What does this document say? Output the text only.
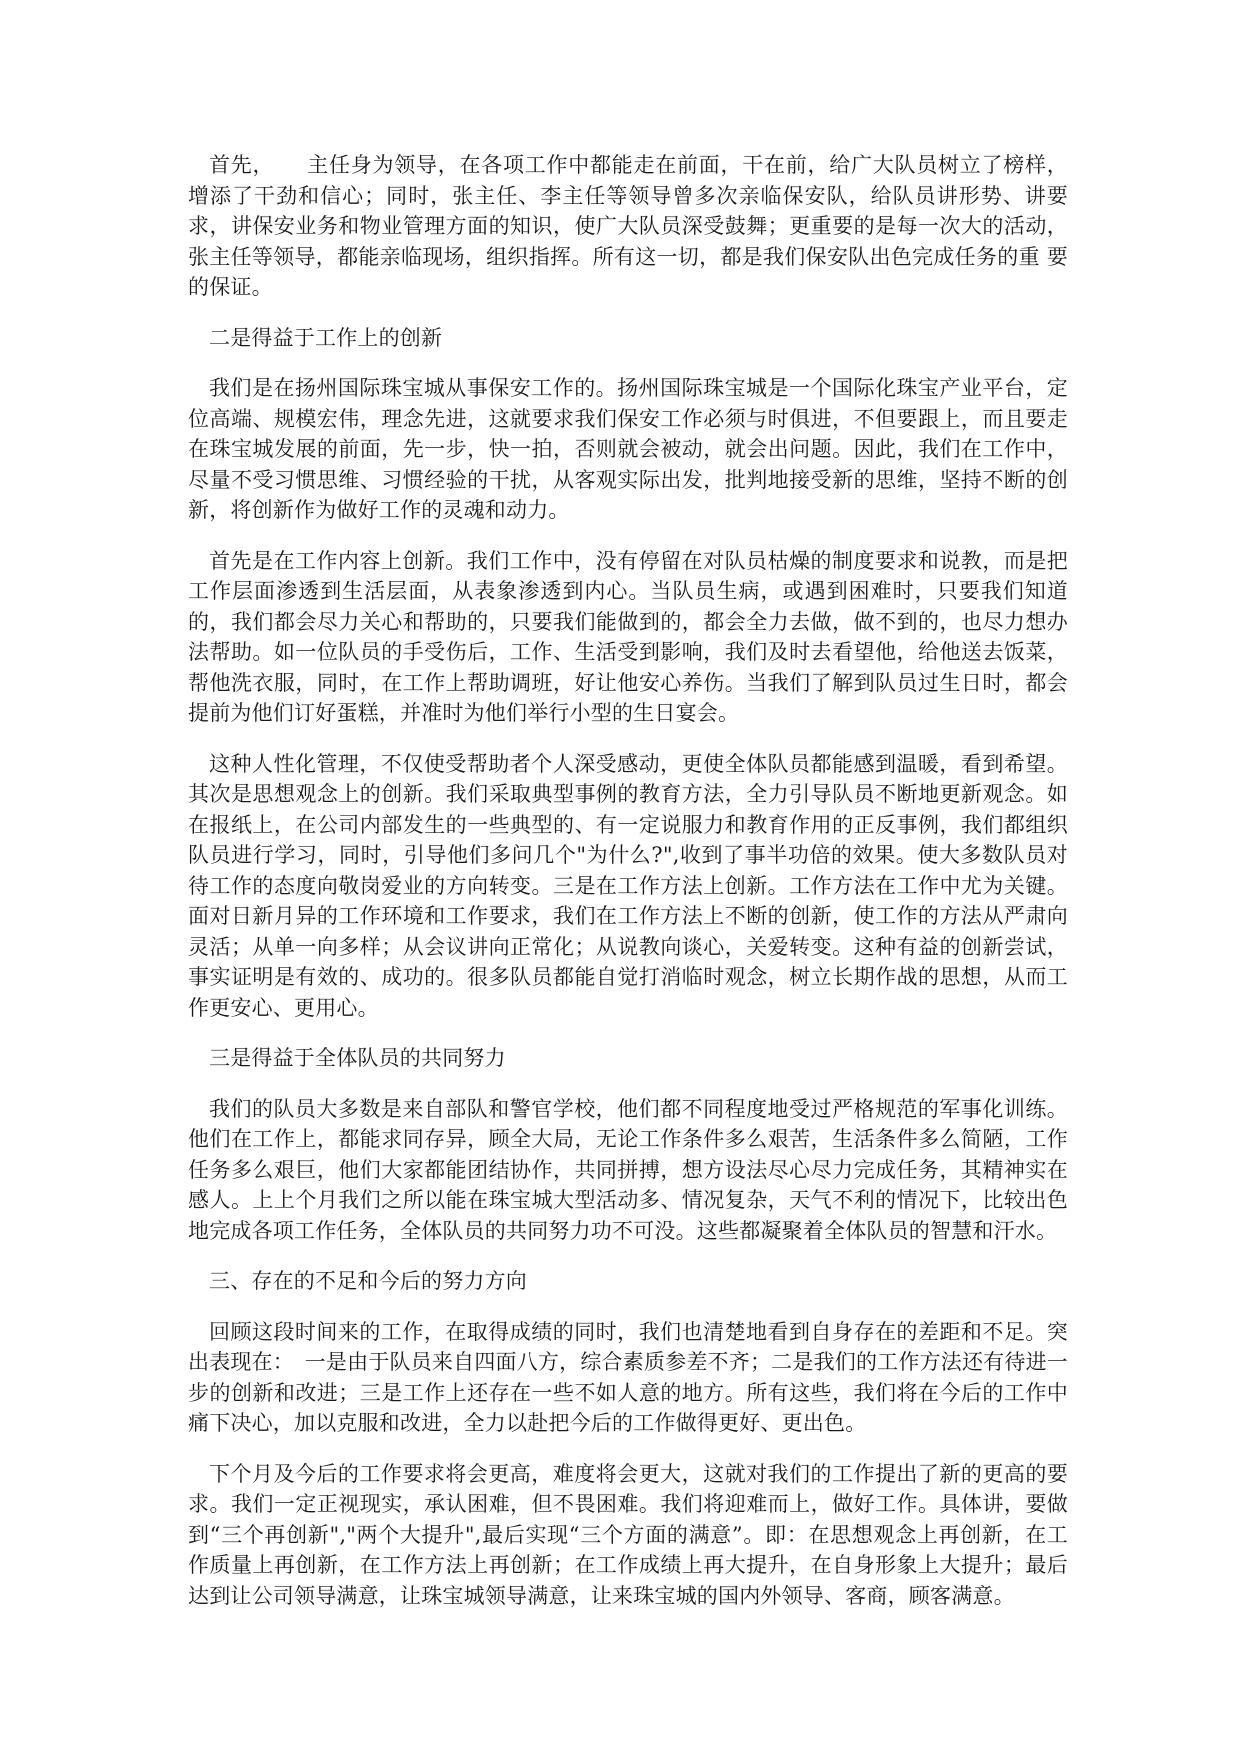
首先，　　主任身为领导，在各项工作中都能走在前面，干在前，给广大队员树立了榜样， 增添了干劲和信心；同时，张主任、李主任等领导曾多次亲临保安队，给队员讲形势、讲要 求，讲保安业务和物业管理方面的知识，使广大队员深受鼓舞；更重要的是每一次大的活动， 张主任等领导，都能亲临现场，组织指挥。所有这一切，都是我们保安队出色完成任务的重 要的保证。

二是得益于工作上的创新

我们是在扬州国际珠宝城从事保安工作的。扬州国际珠宝城是一个国际化珠宝产业平台，定位高端、规模宏伟，理念先进，这就要求我们保安工作必须与时俱进，不但要跟上，而且要走在珠宝城发展的前面，先一步，快一拍，否则就会被动，就会出问题。因此，我们在工作中，尽量不受习惯思维、习惯经验的干扰，从客观实际出发，批判地接受新的思维，坚持不断的创新，将创新作为做好工作的灵魂和动力。

首先是在工作内容上创新。我们工作中，没有停留在对队员枯燥的制度要求和说教，而是把工作层面渗透到生活层面，从表象渗透到内心。当队员生病，或遇到困难时，只要我们知道的，我们都会尽力关心和帮助的，只要我们能做到的，都会全力去做，做不到的，也尽力想办法帮助。如一位队员的手受伤后，工作、生活受到影响，我们及时去看望他，给他送去饭菜，帮他洗衣服，同时，在工作上帮助调班，好让他安心养伤。当我们了解到队员过生日时，都会提前为他们订好蛋糕，并准时为他们举行小型的生日宴会。

这种人性化管理，不仅使受帮助者个人深受感动，更使全体队员都能感到温暖，看到希望。其次是思想观念上的创新。我们采取典型事例的教育方法，全力引导队员不断地更新观念。如在报纸上，在公司内部发生的一些典型的、有一定说服力和教育作用的正反事例，我们都组织队员进行学习，同时，引导他们多问几个"为什么?",收到了事半功倍的效果。使大多数队员对待工作的态度向敬岗爱业的方向转变。三是在工作方法上创新。工作方法在工作中尤为关键。面对日新月异的工作环境和工作要求，我们在工作方法上不断的创新，使工作的方法从严肃向灵活；从单一向多样；从会议讲向正常化；从说教向谈心，关爱转变。这种有益的创新尝试，事实证明是有效的、成功的。很多队员都能自觉打消临时观念，树立长期作战的思想，从而工作更安心、更用心。

三是得益于全体队员的共同努力

我们的队员大多数是来自部队和警官学校，他们都不同程度地受过严格规范的军事化训练。他们在工作上，都能求同存异，顾全大局，无论工作条件多么艰苦，生活条件多么简陋，工作任务多么艰巨，他们大家都能团结协作，共同拼搏，想方设法尽心尽力完成任务，其精神实在感人。上上个月我们之所以能在珠宝城大型活动多、情况复杂，天气不利的情况下，比较出色地完成各项工作任务，全体队员的共同努力功不可没。这些都凝聚着全体队员的智慧和汗水。

三、存在的不足和今后的努力方向

回顾这段时间来的工作，在取得成绩的同时，我们也清楚地看到自身存在的差距和不足。突出表现在：　一是由于队员来自四面八方，综合素质参差不齐；二是我们的工作方法还有待进一步的创新和改进；三是工作上还存在一些不如人意的地方。所有这些，我们将在今后的工作中痛下决心，加以克服和改进，全力以赴把今后的工作做得更好、更出色。

下个月及今后的工作要求将会更高，难度将会更大，这就对我们的工作提出了新的更高的要求。我们一定正视现实，承认困难，但不畏困难。我们将迎难而上，做好工作。具体讲，要做到“三个再创新","两个大提升",最后实现“三个方面的满意”。即：在思想观念上再创新，在工作质量上再创新，在工作方法上再创新；在工作成绩上再大提升，在自身形象上大提升；最后达到让公司领导满意，让珠宝城领导满意，让来珠宝城的国内外领导、客商，顾客满意。
